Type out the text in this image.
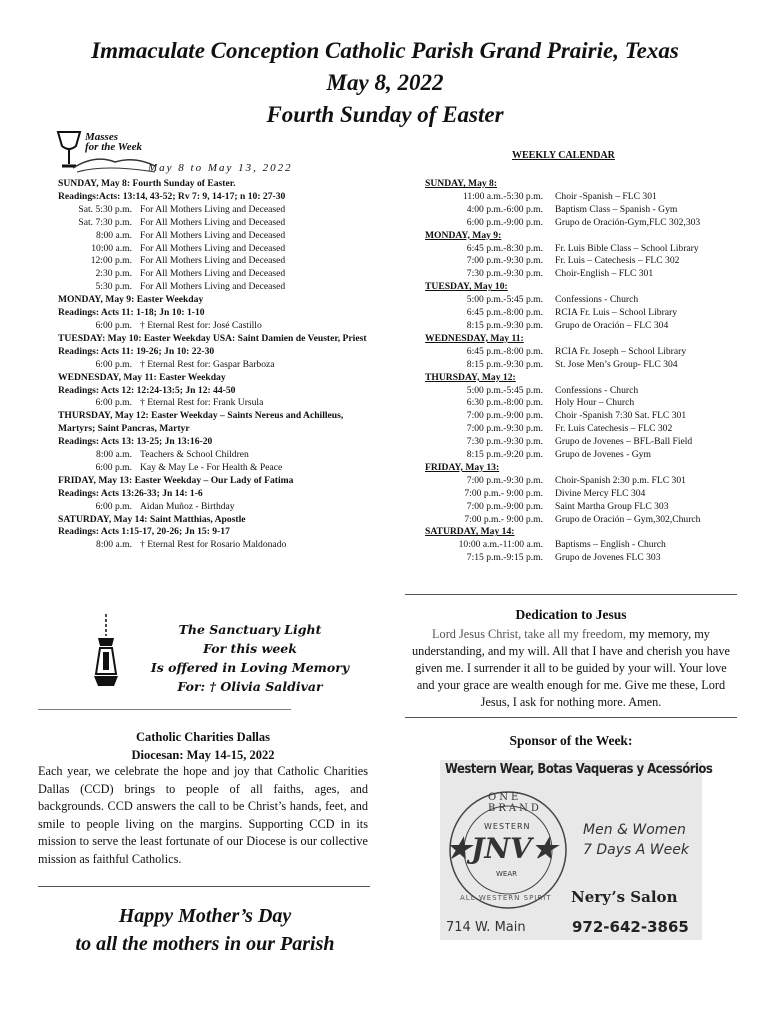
Immaculate Conception Catholic Parish Grand Prairie, Texas
May 8, 2022
Fourth Sunday of Easter
Masses
for the Week
May 8 to May 13, 2022
SUNDAY, May 8: Fourth Sunday of Easter.
Readings:Acts: 13:14, 43-52; Rv 7: 9, 14-17; n 10: 27-30
Sat. 5:30 p.m. For All Mothers Living and Deceased
Sat. 7:30 p.m. For All Mothers Living and Deceased
8:00 a.m. For All Mothers Living and Deceased
10:00 a.m. For All Mothers Living and Deceased
12:00 p.m. For All Mothers Living and Deceased
2:30 p.m. For All Mothers Living and Deceased
5:30 p.m. For All Mothers Living and Deceased
MONDAY, May 9: Easter Weekday
Readings: Acts 11: 1-18; Jn 10: 1-10
6:00 p.m. † Eternal Rest for: José Castillo
TUESDAY: May 10: Easter Weekday USA: Saint Damien de Veuster, Priest
Readings: Acts 11: 19-26; Jn 10: 22-30
6:00 p.m. † Eternal Rest for: Gaspar Barboza
WEDNESDAY, May 11: Easter Weekday
Readings: Acts 12: 12:24-13:5; Jn 12: 44-50
6:00 p.m. † Eternal Rest for: Frank Ursula
THURSDAY, May 12: Easter Weekday – Saints Nereus and Achilleus, Martyrs; Saint Pancras, Martyr
Readings: Acts 13: 13-25; Jn 13:16-20
8:00 a.m. Teachers & School Children
6:00 p.m. Kay & May Le - For Health & Peace
FRIDAY, May 13: Easter Weekday – Our Lady of Fatima
Readings: Acts 13:26-33; Jn 14: 1-6
6:00 p.m. Aidan Muñoz - Birthday
SATURDAY, May 14: Saint Matthias, Apostle
Readings: Acts 1:15-17, 20-26; Jn 15: 9-17
8:00 a.m. † Eternal Rest for Rosario Maldonado
WEEKLY CALENDAR
SUNDAY, May 8:
11:00 a.m.-5:30 p.m.	Choir -Spanish – FLC 301
4:00 p.m.-6:00 p.m.	Baptism Class – Spanish - Gym
6:00 p.m.-9:00 p.m.	Grupo de Oración-Gym,FLC 302,303
MONDAY, May 9:
6:45 p.m.-8:30 p.m.	Fr. Luis Bible Class – School Library
7:00 p.m.-9:30 p.m.	Fr. Luis – Catechesis – FLC 302
7:30 p.m.-9:30 p.m.	Choir-English – FLC 301
TUESDAY, May 10:
5:00 p.m.-5:45 p.m.	Confessions - Church
6:45 p.m.-8:00 p.m.	RCIA Fr. Luis – School Library
8:15 p.m.-9:30 p.m.	Grupo de Oración – FLC 304
WEDNESDAY, May 11:
6:45 p.m.-8:00 p.m.	RCIA Fr. Joseph – School Library
8:15 p.m.-9:30 p.m.	St. Jose Men’s Group- FLC 304
THURSDAY, May 12:
5:00 p.m.-5:45 p.m.	Confessions - Church
6:30 p.m.-8:00 p.m.	Holy Hour – Church
7:00 p.m.-9:00 p.m.	Choir -Spanish 7:30 Sat. FLC 301
7:00 p.m.-9:30 p.m.	Fr. Luis Catechesis – FLC 302
7:30 p.m.-9:30 p.m.	Grupo de Jovenes – BFL-Ball Field
8:15 p.m.-9:20 p.m.	Grupo de Jovenes - Gym
FRIDAY, May 13:
7:00 p.m.-9:30 p.m.	Choir-Spanish 2:30 p.m. FLC 301
7:00 p.m.- 9:00 p.m.	Divine Mercy FLC 304
7:00 p.m.-9:00 p.m.	Saint Martha Group FLC 303
7:00 p.m.- 9:00 p.m.	Grupo de Oración – Gym,302,Church
SATURDAY, May 14:
10:00 a.m.-11:00 a.m.	Baptisms – English - Church
7:15 p.m.-9:15 p.m.	Grupo de Jovenes FLC 303
The Sanctuary Light
For this week
Is offered in Loving Memory
For: † Olivia Saldivar
_______________________________________________________________
Catholic Charities Dallas
Diocesan: May 14-15, 2022
Each year, we celebrate the hope and joy that Catholic Charities Dallas (CCD) brings to people of all faiths, ages, and backgrounds. CCD answers the call to be Christ’s hands, feet, and smile to people living on the margins. Supporting CCD in its mission to serve the least fortunate of our Diocese is our collective mission as faithful Catholics.
Happy Mother’s Day
to all the mothers in our Parish
Dedication to Jesus
Lord Jesus Christ, take all my freedom, my memory, my understanding, and my will. All that I have and cherish you have given me. I surrender it all to be guided by your will. Your love and your grace are wealth enough for me. Give me these, Lord Jesus, I ask for nothing more. Amen.
Sponsor of the Week:
Western Wear, Botas Vaqueras y Acessórios
ONE BRAND
WESTERN
★JNV★
WEAR
ALL WESTERN SPIRIT
Men & Women
7 Days A Week
Nery’s Salon
714 W. Main	972-642-3865
